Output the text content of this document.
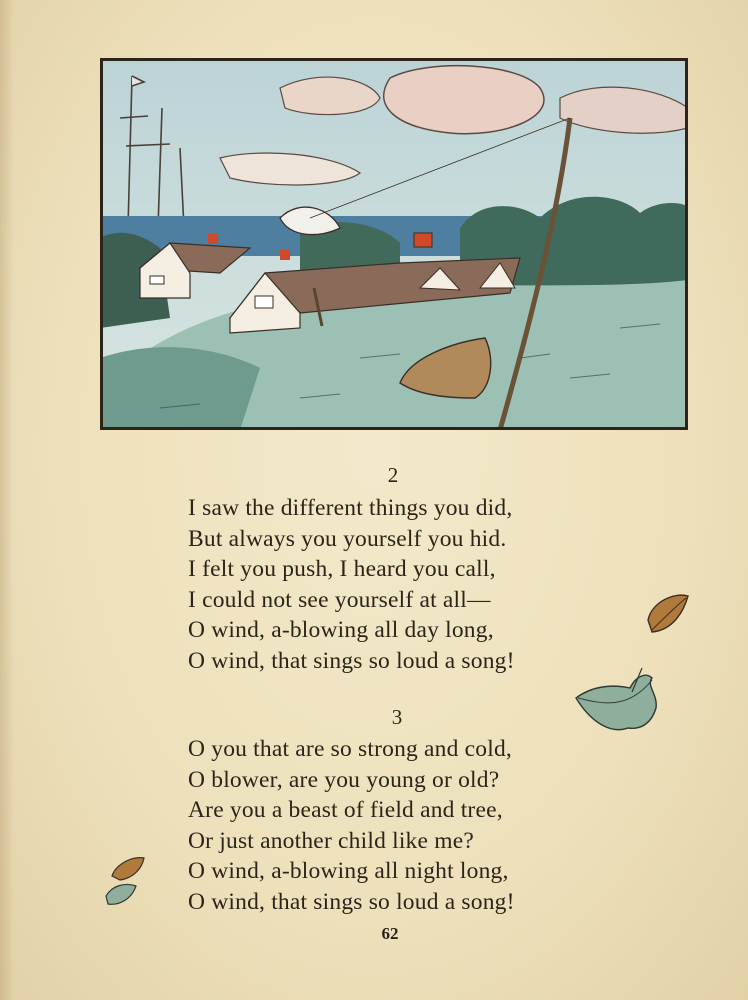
2
I saw the different things you did,
But always you yourself you hid.
I felt you push, I heard you call,
I could not see yourself at all—
O wind, a-blowing all day long,
O wind, that sings so loud a song!
3
O you that are so strong and cold,
O blower, are you young or old?
Are you a beast of field and tree,
Or just another child like me?
O wind, a-blowing all night long,
O wind, that sings so loud a song!
62
